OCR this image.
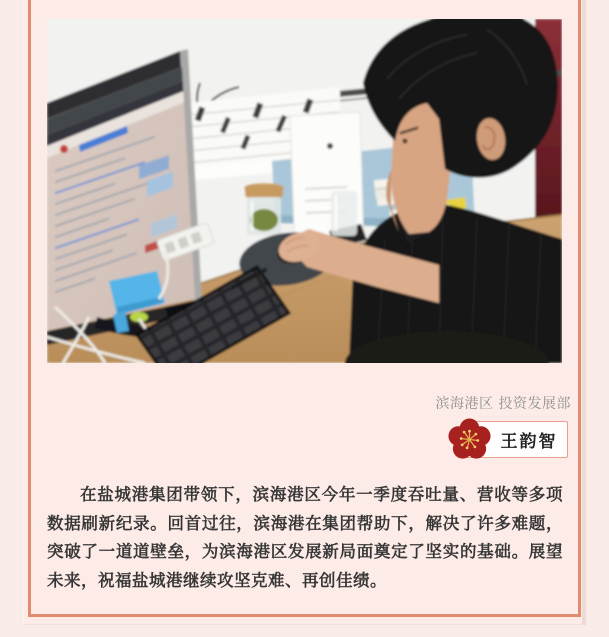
滨海港区 投资发展部
王韵智

在盐城港集团带领下，滨海港区今年一季度吞吐量、营收等多项数据刷新纪录。回首过往，滨海港在集团帮助下，解决了许多难题，突破了一道道壁垒，为滨海港区发展新局面奠定了坚实的基础。展望未来，祝福盐城港继续攻坚克难、再创佳绩。
